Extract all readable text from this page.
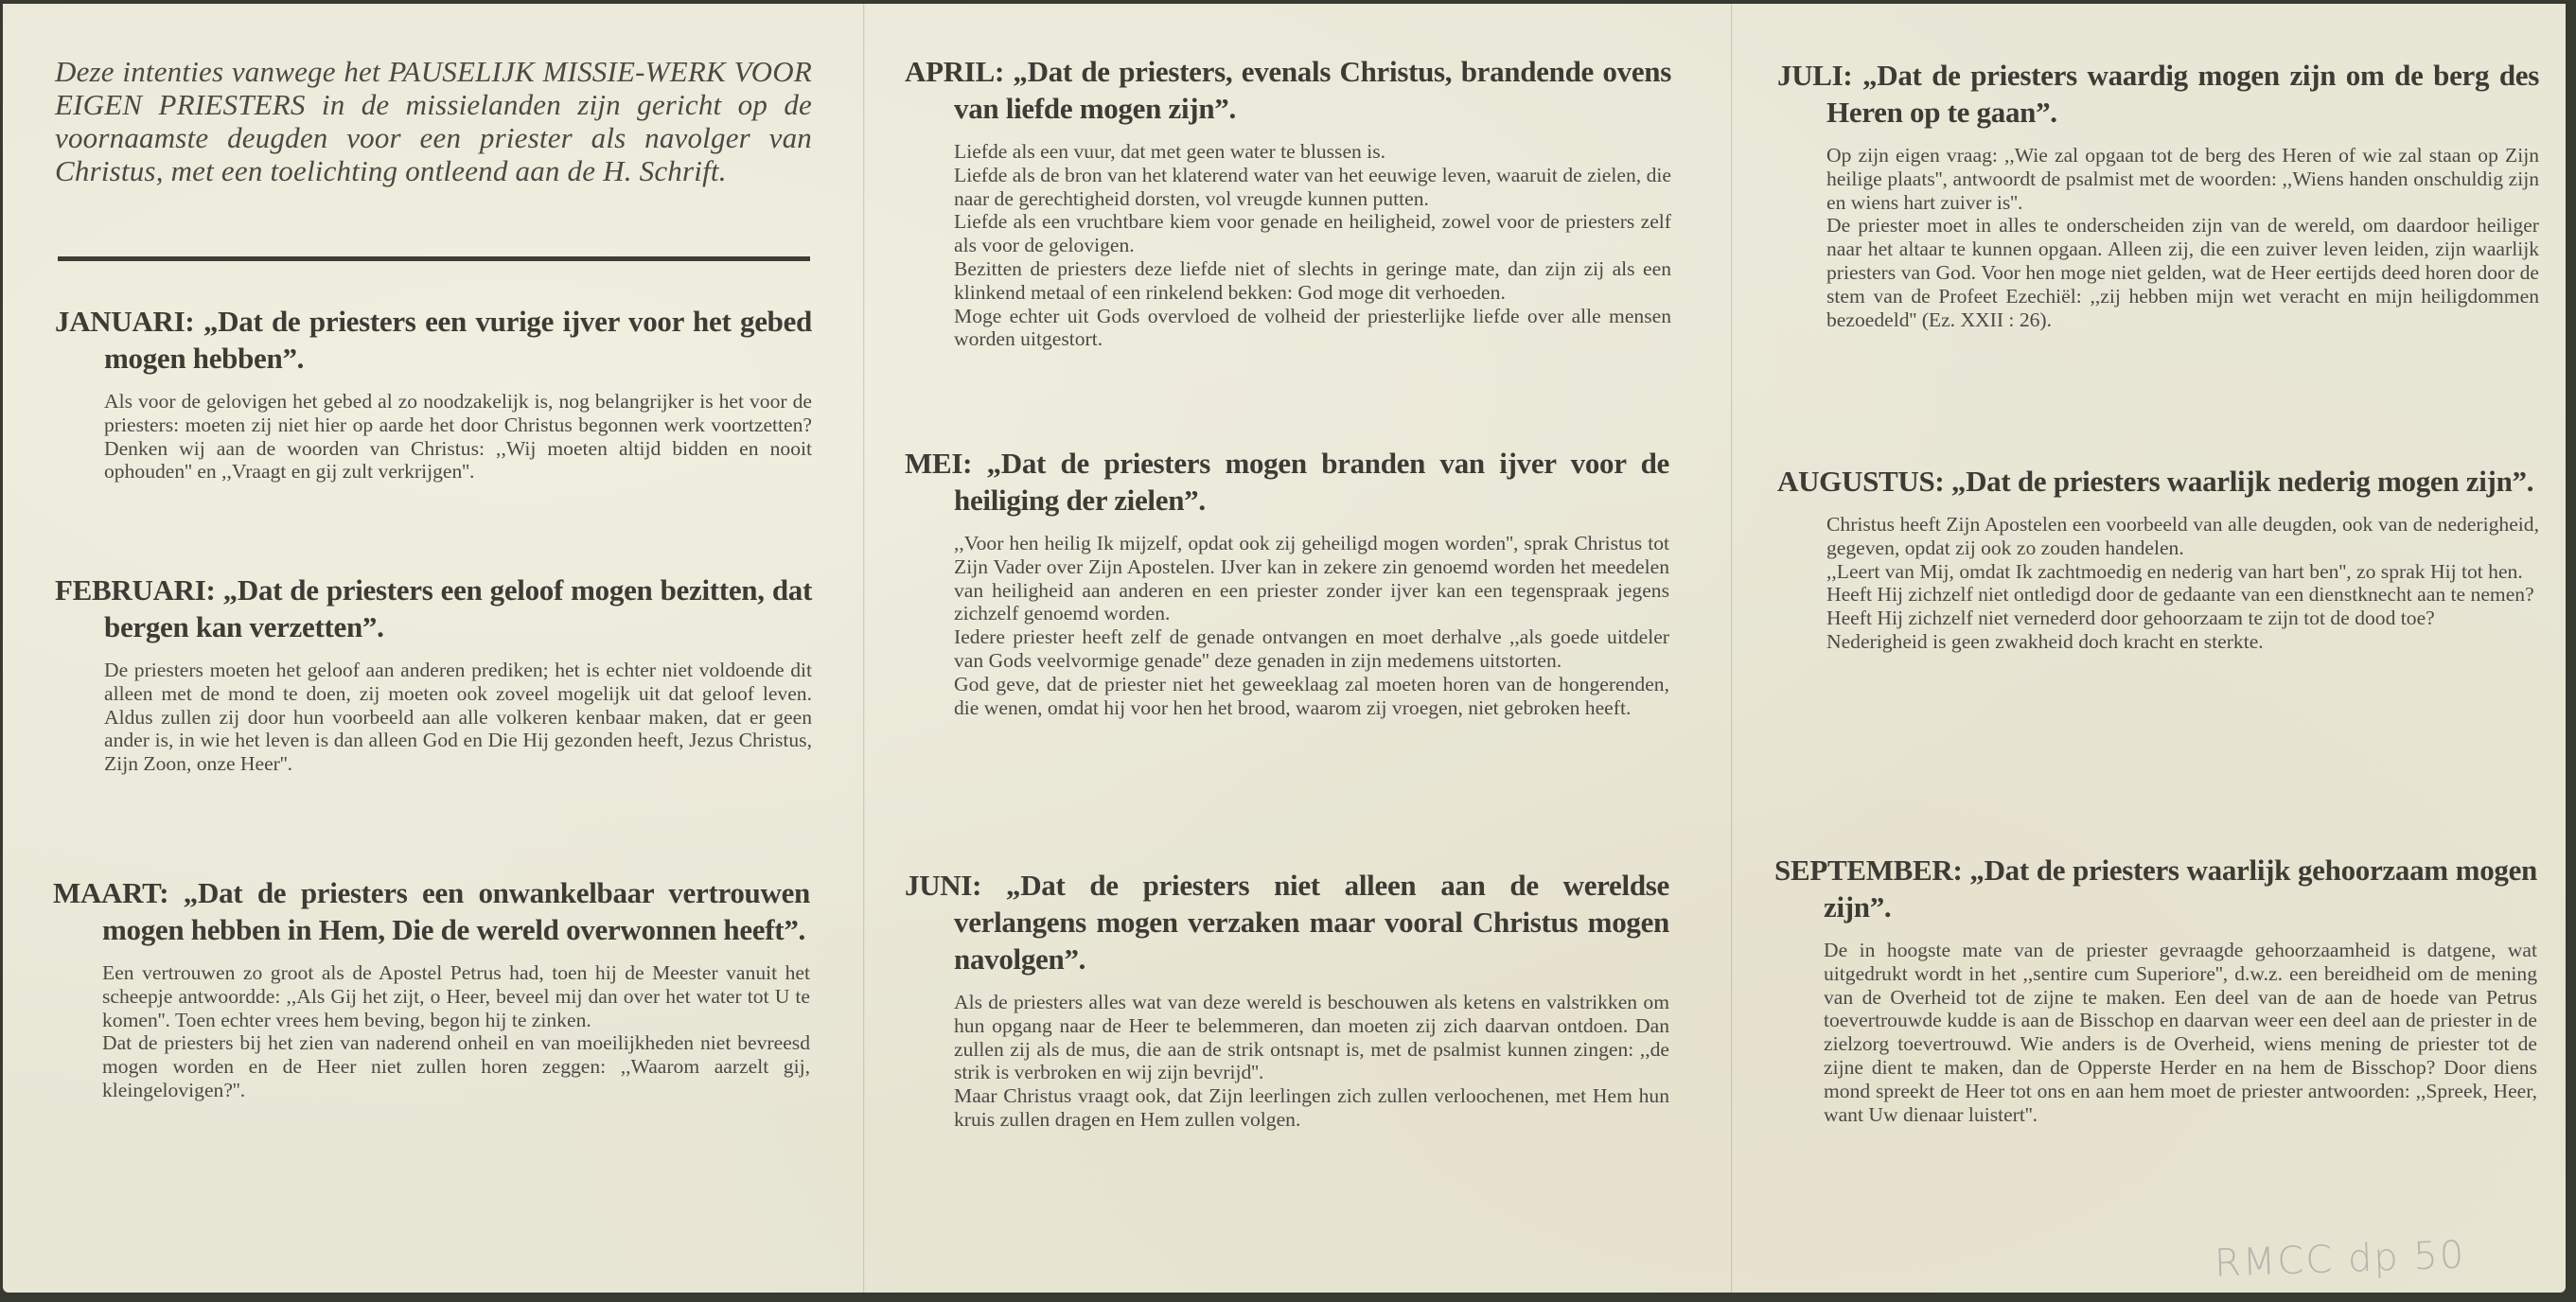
Deze intenties vanwege het PAUSELIJK MISSIE-WERK VOOR EIGEN PRIESTERS in de missielanden zijn gericht op de voornaamste deugden voor een priester als navolger van Christus, met een toelichting ontleend aan de H. Schrift.
JANUARI: „Dat de priesters een vurige ijver voor het gebed mogen hebben”.

Als voor de gelovigen het gebed al zo noodzakelijk is, nog belangrijker is het voor de priesters: moeten zij niet hier op aarde het door Christus begonnen werk voortzetten? Denken wij aan de woorden van Christus: ,,Wij moeten altijd bidden en nooit ophouden'' en ,,Vraagt en gij zult verkrijgen''.

FEBRUARI: „Dat de priesters een geloof mogen bezitten, dat bergen kan verzetten”.

De priesters moeten het geloof aan anderen prediken; het is echter niet voldoende dit alleen met de mond te doen, zij moeten ook zoveel mogelijk uit dat geloof leven. Aldus zullen zij door hun voorbeeld aan alle volkeren kenbaar maken, dat er geen ander is, in wie het leven is dan alleen God en Die Hij gezonden heeft, Jezus Christus, Zijn Zoon, onze Heer''.

MAART: „Dat de priesters een onwankelbaar vertrouwen mogen hebben in Hem, Die de wereld overwonnen heeft”.

Een vertrouwen zo groot als de Apostel Petrus had, toen hij de Meester vanuit het scheepje antwoordde: ,,Als Gij het zijt, o Heer, beveel mij dan over het water tot U te komen''. Toen echter vrees hem beving, begon hij te zinken.

Dat de priesters bij het zien van naderend onheil en van moeilijkheden niet bevreesd mogen worden en de Heer niet zullen horen zeggen: ,,Waarom aarzelt gij, kleingelovigen?''.

APRIL: „Dat de priesters, evenals Christus, brandende ovens van liefde mogen zijn”.

Liefde als een vuur, dat met geen water te blussen is.

Liefde als de bron van het klaterend water van het eeuwige leven, waaruit de zielen, die naar de gerechtigheid dorsten, vol vreugde kunnen putten.

Liefde als een vruchtbare kiem voor genade en heiligheid, zowel voor de priesters zelf als voor de gelovigen.

Bezitten de priesters deze liefde niet of slechts in geringe mate, dan zijn zij als een klinkend metaal of een rinkelend bekken: God moge dit verhoeden.

Moge echter uit Gods overvloed de volheid der priesterlijke liefde over alle mensen worden uitgestort.

MEI: „Dat de priesters mogen branden van ijver voor de heiliging der zielen”.

,,Voor hen heilig Ik mijzelf, opdat ook zij geheiligd mogen worden'', sprak Christus tot Zijn Vader over Zijn Apostelen. IJver kan in zekere zin genoemd worden het meedelen van heiligheid aan anderen en een priester zonder ijver kan een tegenspraak jegens zichzelf genoemd worden.

Iedere priester heeft zelf de genade ontvangen en moet derhalve ,,als goede uitdeler van Gods veelvormige genade'' deze genaden in zijn medemens uitstorten.

God geve, dat de priester niet het geweeklaag zal moeten horen van de hongerenden, die wenen, omdat hij voor hen het brood, waarom zij vroegen, niet gebroken heeft.

JUNI: „Dat de priesters niet alleen aan de wereldse verlangens mogen verzaken maar vooral Christus mogen navolgen”.

Als de priesters alles wat van deze wereld is beschouwen als ketens en valstrikken om hun opgang naar de Heer te belemmeren, dan moeten zij zich daarvan ontdoen. Dan zullen zij als de mus, die aan de strik ontsnapt is, met de psalmist kunnen zingen: ,,de strik is verbroken en wij zijn bevrijd''.

Maar Christus vraagt ook, dat Zijn leerlingen zich zullen verloochenen, met Hem hun kruis zullen dragen en Hem zullen volgen.

JULI: „Dat de priesters waardig mogen zijn om de berg des Heren op te gaan”.

Op zijn eigen vraag: ,,Wie zal opgaan tot de berg des Heren of wie zal staan op Zijn heilige plaats'', antwoordt de psalmist met de woorden: ,,Wiens handen onschuldig zijn en wiens hart zuiver is''.

De priester moet in alles te onderscheiden zijn van de wereld, om daardoor heiliger naar het altaar te kunnen opgaan. Alleen zij, die een zuiver leven leiden, zijn waarlijk priesters van God. Voor hen moge niet gelden, wat de Heer eertijds deed horen door de stem van de Profeet Ezechiël: ,,zij hebben mijn wet veracht en mijn heiligdommen bezoedeld'' (Ez. XXII : 26).

AUGUSTUS: „Dat de priesters waarlijk nederig mogen zijn”.

Christus heeft Zijn Apostelen een voorbeeld van alle deugden, ook van de nederigheid, gegeven, opdat zij ook zo zouden handelen.

,,Leert van Mij, omdat Ik zachtmoedig en nederig van hart ben'', zo sprak Hij tot hen.

Heeft Hij zichzelf niet ontledigd door de gedaante van een dienstknecht aan te nemen?

Heeft Hij zichzelf niet vernederd door gehoorzaam te zijn tot de dood toe?

Nederigheid is geen zwakheid doch kracht en sterkte.

SEPTEMBER: „Dat de priesters waarlijk gehoorzaam mogen zijn”.

De in hoogste mate van de priester gevraagde gehoorzaamheid is datgene, wat uitgedrukt wordt in het ,,sentire cum Superiore'', d.w.z. een bereidheid om de mening van de Overheid tot de zijne te maken. Een deel van de aan de hoede van Petrus toevertrouwde kudde is aan de Bisschop en daarvan weer een deel aan de priester in de zielzorg toevertrouwd. Wie anders is de Overheid, wiens mening de priester tot de zijne dient te maken, dan de Opperste Herder en na hem de Bisschop? Door diens mond spreekt de Heer tot ons en aan hem moet de priester antwoorden: ,,Spreek, Heer, want Uw dienaar luistert''.

RMCC dp 50
